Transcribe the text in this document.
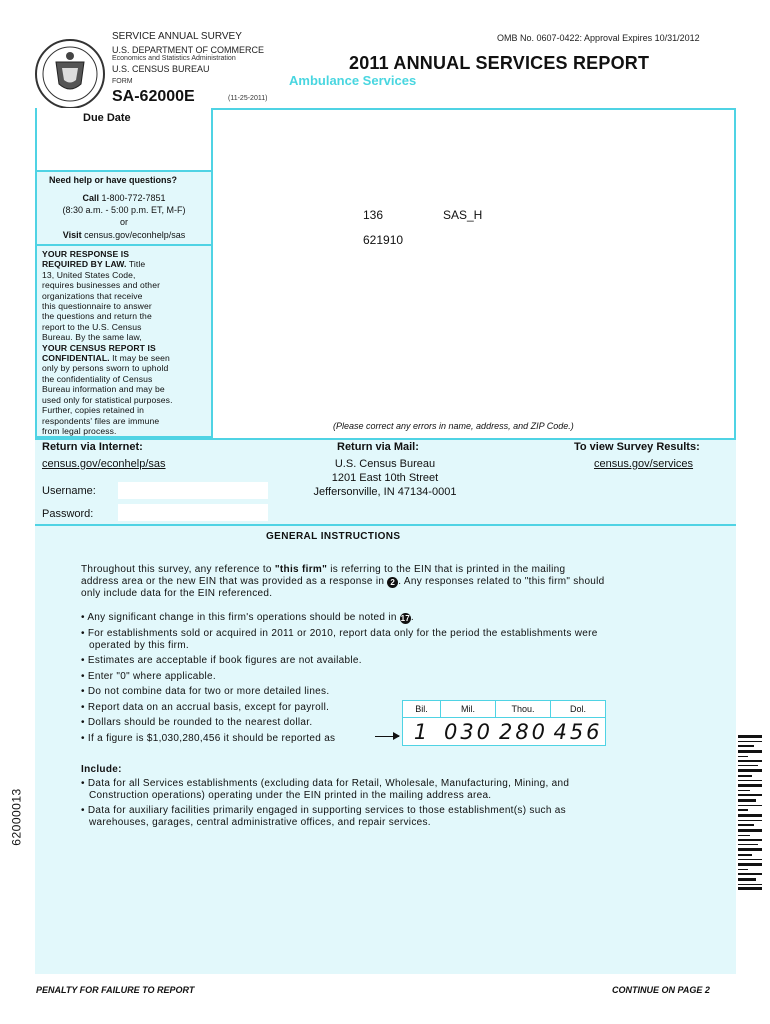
SERVICE ANNUAL SURVEY	OMB No. 0607-0422: Approval Expires 10/31/2012
U.S. DEPARTMENT OF COMMERCE
Economics and Statistics Administration
U.S. CENSUS BUREAU
FORM
SA-62000E	(11-25-2011)
2011 ANNUAL SERVICES REPORT
Ambulance Services
Due Date
Need help or have questions?
Call 1-800-772-7851
(8:30 a.m. - 5:00 p.m. ET, M-F)
or
Visit census.gov/econhelp/sas
YOUR RESPONSE IS
REQUIRED BY LAW. Title
13, United States Code,
requires businesses and other
organizations that receive
this questionnaire to answer
the questions and return the
report to the U.S. Census
Bureau. By the same law,
YOUR CENSUS REPORT IS
CONFIDENTIAL. It may be seen
only by persons sworn to uphold
the confidentiality of Census
Bureau information and may be
used only for statistical purposes.
Further, copies retained in
respondents' files are immune
from legal process.
136	SAS_H
621910
(Please correct any errors in name, address, and ZIP Code.)
Return via Internet:
census.gov/econhelp/sas
Username:
Password:
Return via Mail:
U.S. Census Bureau
1201 East 10th Street
Jeffersonville, IN 47134-0001
To view Survey Results:
census.gov/services
GENERAL INSTRUCTIONS
Throughout this survey, any reference to "this firm" is referring to the EIN that is printed in the mailing
address area or the new EIN that was provided as a response in 2 . Any responses related to "this firm" should
only include data for the EIN referenced.
• Any significant change in this firm's operations should be noted in 17.
• For establishments sold or acquired in 2011 or 2010, report data only for the period the establishments were
operated by this firm.
• Estimates are acceptable if book figures are not available.
• Enter "0" where applicable.
• Do not combine data for two or more detailed lines.
• Report data on an accrual basis, except for payroll.
• Dollars should be rounded to the nearest dollar.
• If a figure is $1,030,280,456 it should be reported as
Bil.	Mil.	Thou.	Dol.
1 030 280 456
Include:
• Data for all Services establishments (excluding data for Retail, Wholesale, Manufacturing, Mining, and
Construction operations) operating under the EIN printed in the mailing address area.
• Data for auxiliary facilities primarily engaged in supporting services to those establishment(s) such as
warehouses, garages, central administrative offices, and repair services.
62000013
PENALTY FOR FAILURE TO REPORT	CONTINUE ON PAGE 2
